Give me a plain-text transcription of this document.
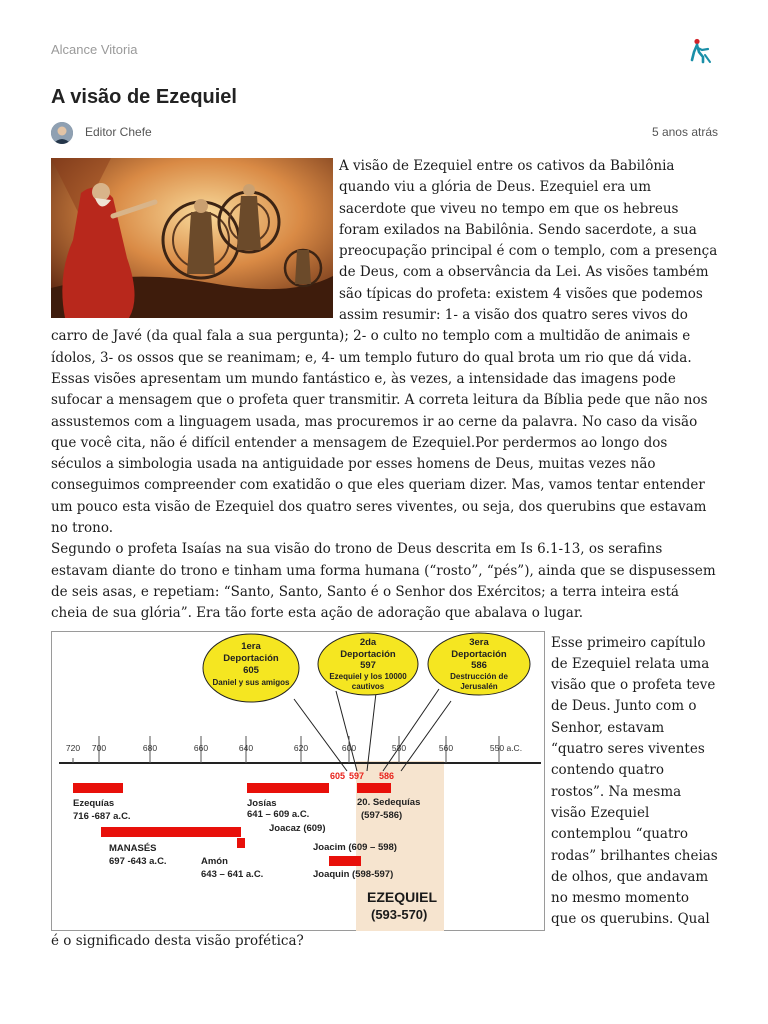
Alcance Vitoria
A visão de Ezequiel
Editor Chefe	5 anos atrás

A visão de Ezequiel entre os cativos da Babilônia quando viu a glória de Deus. Ezequiel era um sacerdote que viveu no tempo em que os hebreus foram exilados na Babilônia. Sendo sacerdote, a sua preocupação principal é com o templo, com a presença de Deus, com a observância da Lei. As visões também são típicas do profeta: existem 4 visões que podemos assim resumir: 1- a visão dos quatro seres vivos do carro de Javé (da qual fala a sua pergunta); 2- o culto no templo com a multidão de animais e ídolos, 3- os ossos que se reanimam; e, 4- um templo futuro do qual brota um rio que dá vida.

Essas visões apresentam um mundo fantástico e, às vezes, a intensidade das imagens pode sufocar a mensagem que o profeta quer transmitir. A correta leitura da Bíblia pede que não nos assustemos com a linguagem usada, mas procuremos ir ao cerne da palavra. No caso da visão que você cita, não é difícil entender a mensagem de Ezequiel.Por perdermos ao longo dos séculos a simbologia usada na antiguidade por esses homens de Deus, muitas vezes não conseguimos compreender com exatidão o que eles queriam dizer. Mas, vamos tentar entender um pouco esta visão de Ezequiel dos quatro seres viventes, ou seja, dos querubins que estavam no trono.

Segundo o profeta Isaías na sua visão do trono de Deus descrita em Is 6.1-13, os serafins estavam diante do trono e tinham uma forma humana (“rosto”, “pés”), ainda que se dispusessem de seis asas, e repetiam: “Santo, Santo, Santo é o Senhor dos Exércitos; a terra inteira está cheia de sua glória”. Era tão forte esta ação de adoração que abalava o lugar.

1era
Deportación
605
Daniel y sus amigos
2da
Deportación
597
Ezequiel y los 10000
cautivos
3era
Deportación
586
Destrucción de
Jerusalén
720 700	680	660	640	620	600	580	560	550 a.C.
605 597 586
Ezequías
716 -687 a.C.
MANASÉS
697 -643 a.C.	Amón
643 – 641 a.C.
Josías
641 – 609 a.C.
Joacaz (609)
Joacim (609 – 598)
Joaquin (598-597)
20. Sedequías
(597-586)
EZEQUIEL
(593-570)

Esse primeiro capítulo de Ezequiel relata uma visão que o profeta teve de Deus. Junto com o Senhor, estavam “quatro seres viventes contendo quatro rostos”. Na mesma visão Ezequiel contemplou “quatro rodas” brilhantes cheias de olhos, que andavam no mesmo momento que os querubins. Qual é o significado desta visão profética?
